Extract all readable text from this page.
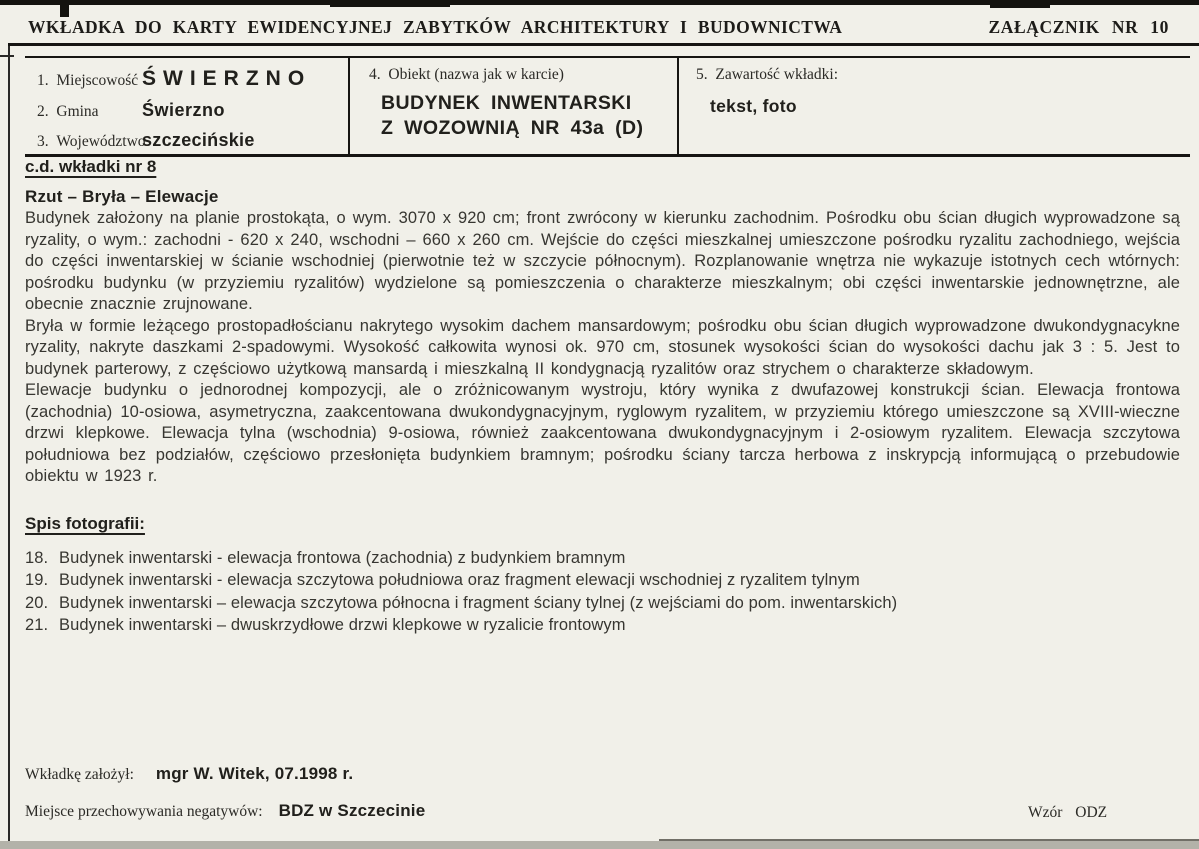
WKŁADKA DO KARTY EWIDENCYJNEJ ZABYTKÓW ARCHITEKTURY I BUDOWNICTWA	ZAŁĄCZNIK NR 10
1. Miejscowość ŚWIERZNO
2. Gmina	Świerzno
3. Województwo
szczecińskie
4. Obiekt (nazwa jak w karcie)
BUDYNEK INWENTARSKI
Z WOZOWNIĄ NR 43a (D)
5. Zawartość wkładki:
tekst, foto
c.d. wkładki nr 8
Rzut – Bryła – Elewacje

Budynek założony na planie prostokąta, o wym. 3070 x 920 cm; front zwrócony w kierunku zachodnim. Pośrodku obu ścian długich wyprowadzone są ryzality, o wym.: zachodni - 620 x 240, wschodni – 660 x 260 cm. Wejście do części mieszkalnej umieszczone pośrodku ryzalitu zachodniego, wejścia do części inwentarskiej w ścianie wschodniej (pierwotnie też w szczycie północnym). Rozplanowanie wnętrza nie wykazuje istotnych cech wtórnych: pośrodku budynku (w przyziemiu ryzalitów) wydzielone są pomieszczenia o charakterze mieszkalnym; obi części inwentarskie jednownętrzne, ale obecnie znacznie zrujnowane.

Bryła w formie leżącego prostopadłościanu nakrytego wysokim dachem mansardowym; pośrodku obu ścian długich wyprowadzone dwukondygnacykne ryzality, nakryte daszkami 2-spadowymi. Wysokość całkowita wynosi ok. 970 cm, stosunek wysokości ścian do wysokości dachu jak 3 : 5. Jest to budynek parterowy, z częściowo użytkową mansardą i mieszkalną II kondygnacją ryzalitów oraz strychem o charakterze składowym.

Elewacje budynku o jednorodnej kompozycji, ale o zróżnicowanym wystroju, który wynika z dwufazowej konstrukcji ścian. Elewacja frontowa (zachodnia) 10-osiowa, asymetryczna, zaakcentowana dwukondygnacyjnym, ryglowym ryzalitem, w przyziemiu którego umieszczone są XVIII-wieczne drzwi klepkowe. Elewacja tylna (wschodnia) 9-osiowa, również zaakcentowana dwukondygnacyjnym i 2-osiowym ryzalitem. Elewacja szczytowa południowa bez podziałów, częściowo przesłonięta budynkiem bramnym; pośrodku ściany tarcza herbowa z inskrypcją informującą o przebudowie obiektu w 1923 r.

Spis fotografii:
18. Budynek inwentarski - elewacja frontowa (zachodnia) z budynkiem bramnym
19. Budynek inwentarski - elewacja szczytowa południowa oraz fragment elewacji wschodniej z ryzalitem tylnym
20. Budynek inwentarski – elewacja szczytowa północna i fragment ściany tylnej (z wejściami do pom. inwentarskich)
21. Budynek inwentarski – dwuskrzydłowe drzwi klepkowe w ryzalicie frontowym
Wkładkę założył: mgr W. Witek, 07.1998 r.
Miejsce przechowywania negatywów: BDZ w Szczecinie	Wzór ODZ
